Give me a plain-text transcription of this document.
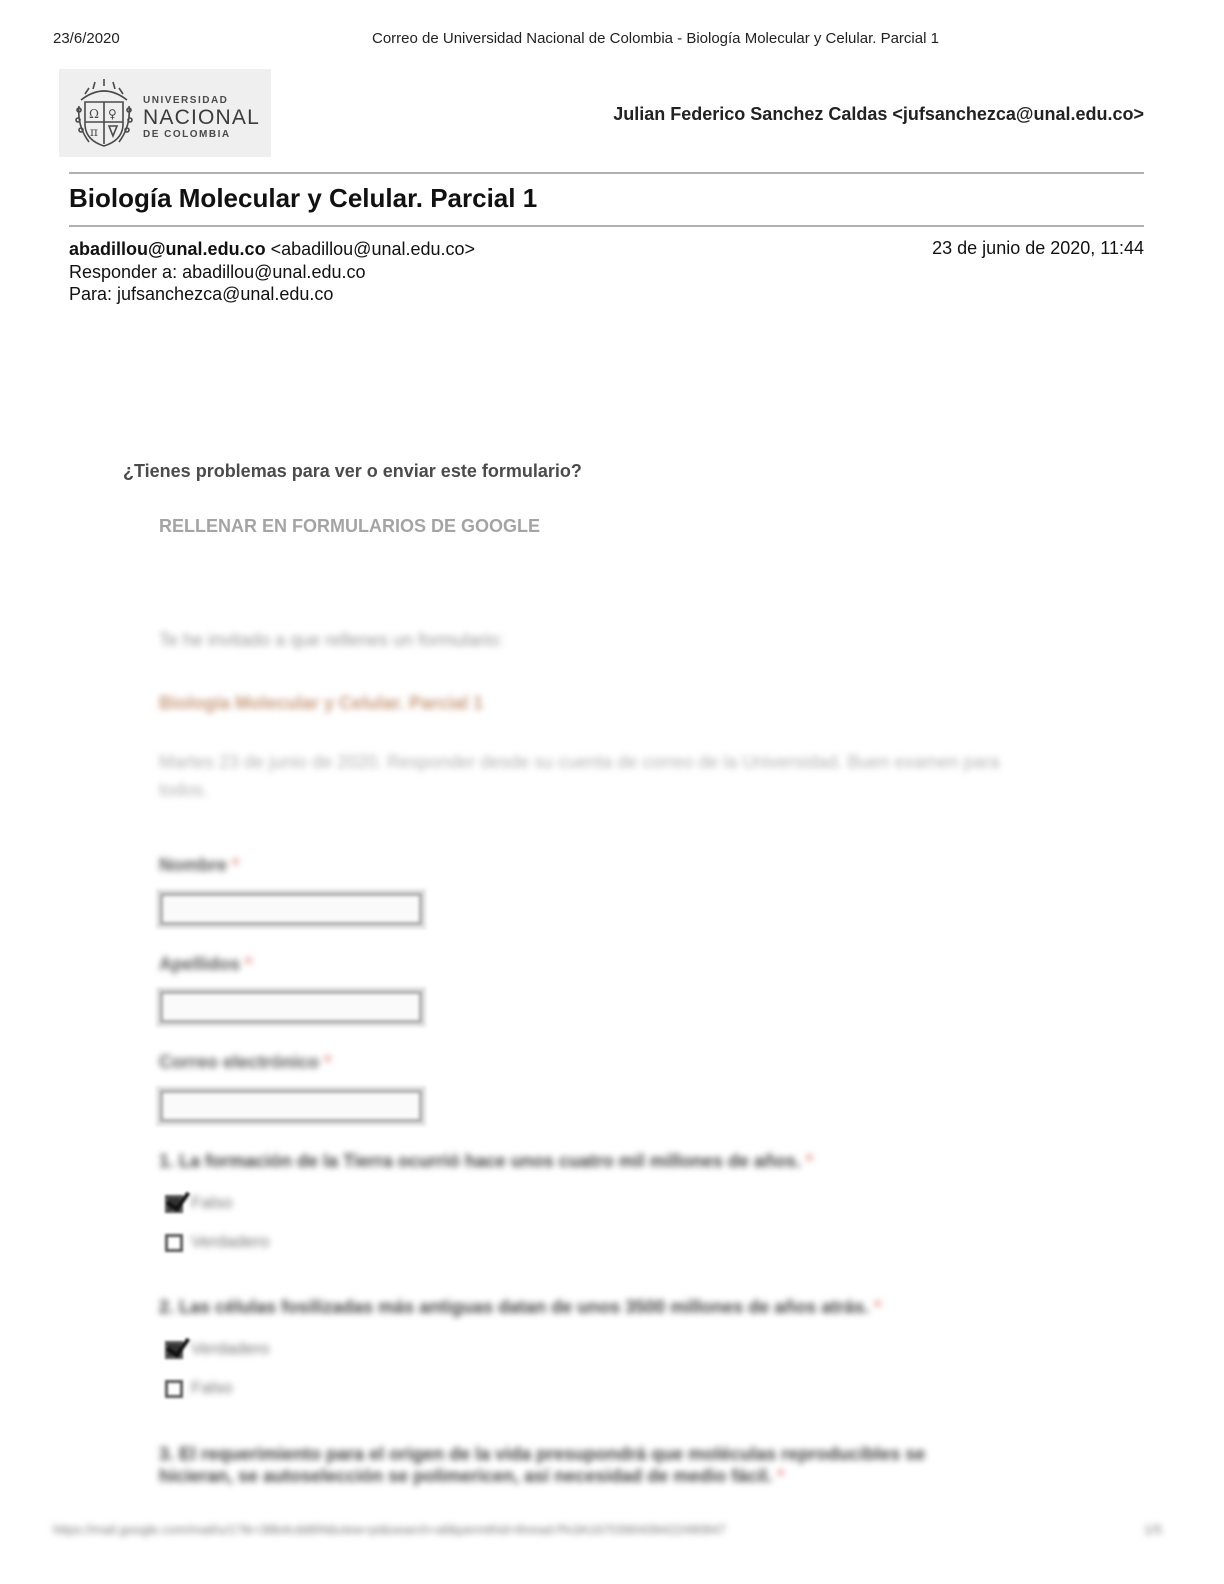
23/6/2020	Correo de Universidad Nacional de Colombia - Biología Molecular y Celular. Parcial 1
Ω ♀
π
UNIVERSIDAD
NACIONAL
DE COLOMBIA
Julian Federico Sanchez Caldas <jufsanchezca@unal.edu.co>
Biología Molecular y Celular. Parcial 1
abadillou@unal.edu.co <abadillou@unal.edu.co>
Responder a: abadillou@unal.edu.co
Para: jufsanchezca@unal.edu.co
23 de junio de 2020, 11:44
¿Tienes problemas para ver o enviar este formulario?
RELLENAR EN FORMULARIOS DE GOOGLE
Te he invitado a que rellenes un formulario:
Biología Molecular y Celular. Parcial 1
Martes 23 de junio de 2020. Responder desde su cuenta de correo de la Universidad. Buen examen para todos.
Nombre *
Apellidos *
Correo electrónico *
1. La formación de la Tierra ocurrió hace unos cuatro mil millones de años. *
Falso
Verdadero
2. Las células fosilizadas más antiguas datan de unos 3500 millones de años atrás. *
Verdadero
Falso
3. El requerimiento para el origen de la vida presupondrá que moléculas reproducibles se
hicieran, se autoselección se polimericen, así necesidad de medio fácil. *
https://mail.google.com/mail/u/1?ik=38b4cdd6f4&view=pt&search=all&permthid=thread-f%3A1670390439422490847	1/5
